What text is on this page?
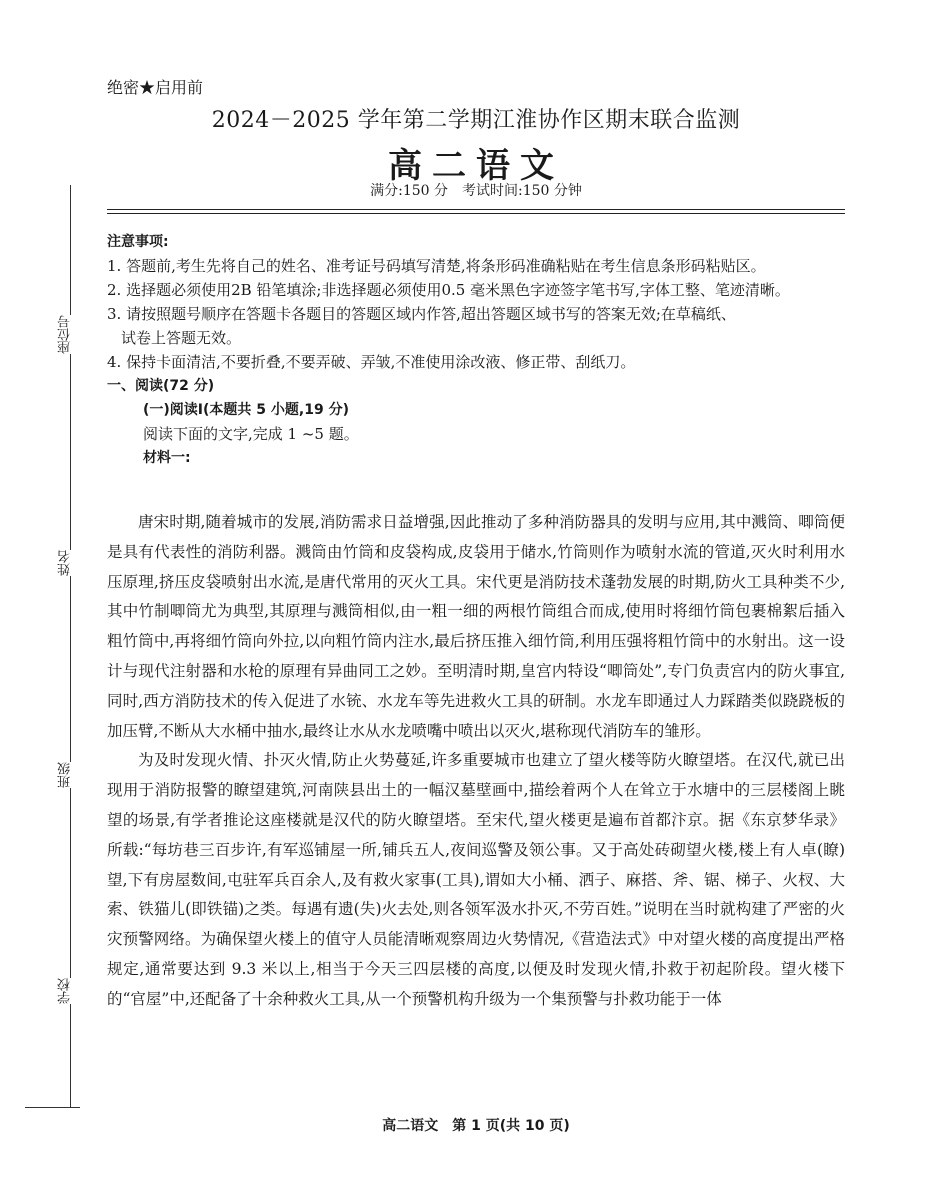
座位号
姓名
班级
学校
绝密★启用前
2024－2025 学年第二学期江淮协作区期末联合监测
高二语文
满分:150 分　考试时间:150 分钟

注意事项:

1. 答题前,考生先将自己的姓名、准考证号码填写清楚,将条形码准确粘贴在考生信息条形码粘贴区。

2. 选择题必须使用2B 铅笔填涂;非选择题必须使用0.5 毫米黑色字迹签字笔书写,字体工整、笔迹清晰。

3. 请按照题号顺序在答题卡各题目的答题区域内作答,超出答题区域书写的答案无效;在草稿纸、

试卷上答题无效。

4. 保持卡面清洁,不要折叠,不要弄破、弄皱,不准使用涂改液、修正带、刮纸刀。

一、阅读(72 分)

(一)阅读Ⅰ(本题共 5 小题,19 分)

阅读下面的文字,完成 1 ~5 题。

材料一:

唐宋时期,随着城市的发展,消防需求日益增强,因此推动了多种消防器具的发明与应用,其中溅筒、唧筒便是具有代表性的消防利器。溅筒由竹筒和皮袋构成,皮袋用于储水,竹筒则作为喷射水流的管道,灭火时利用水压原理,挤压皮袋喷射出水流,是唐代常用的灭火工具。宋代更是消防技术蓬勃发展的时期,防火工具种类不少,其中竹制唧筒尤为典型,其原理与溅筒相似,由一粗一细的两根竹筒组合而成,使用时将细竹筒包裹棉絮后插入粗竹筒中,再将细竹筒向外拉,以向粗竹筒内注水,最后挤压推入细竹筒,利用压强将粗竹筒中的水射出。这一设计与现代注射器和水枪的原理有异曲同工之妙。至明清时期,皇宫内特设“唧筒处”,专门负责宫内的防火事宜,同时,西方消防技术的传入促进了水铳、水龙车等先进救火工具的研制。水龙车即通过人力踩踏类似跷跷板的加压臂,不断从大水桶中抽水,最终让水从水龙喷嘴中喷出以灭火,堪称现代消防车的雏形。

为及时发现火情、扑灭火情,防止火势蔓延,许多重要城市也建立了望火楼等防火瞭望塔。在汉代,就已出现用于消防报警的瞭望建筑,河南陕县出土的一幅汉墓壁画中,描绘着两个人在耸立于水塘中的三层楼阁上眺望的场景,有学者推论这座楼就是汉代的防火瞭望塔。至宋代,望火楼更是遍布首都汴京。据《东京梦华录》所载:“每坊巷三百步许,有军巡铺屋一所,铺兵五人,夜间巡警及领公事。又于高处砖砌望火楼,楼上有人卓(瞭)望,下有房屋数间,屯驻军兵百余人,及有救火家事(工具),谓如大小桶、洒子、麻搭、斧、锯、梯子、火杈、大索、铁猫儿(即铁锚)之类。每遇有遗(失)火去处,则各领军汲水扑灭,不劳百姓。”说明在当时就构建了严密的火灾预警网络。为确保望火楼上的值守人员能清晰观察周边火势情况,《营造法式》中对望火楼的高度提出严格规定,通常要达到 9.3 米以上,相当于今天三四层楼的高度,以便及时发现火情,扑救于初起阶段。望火楼下的“官屋”中,还配备了十余种救火工具,从一个预警机构升级为一个集预警与扑救功能于一体

高二语文　第 1 页(共 10 页)
